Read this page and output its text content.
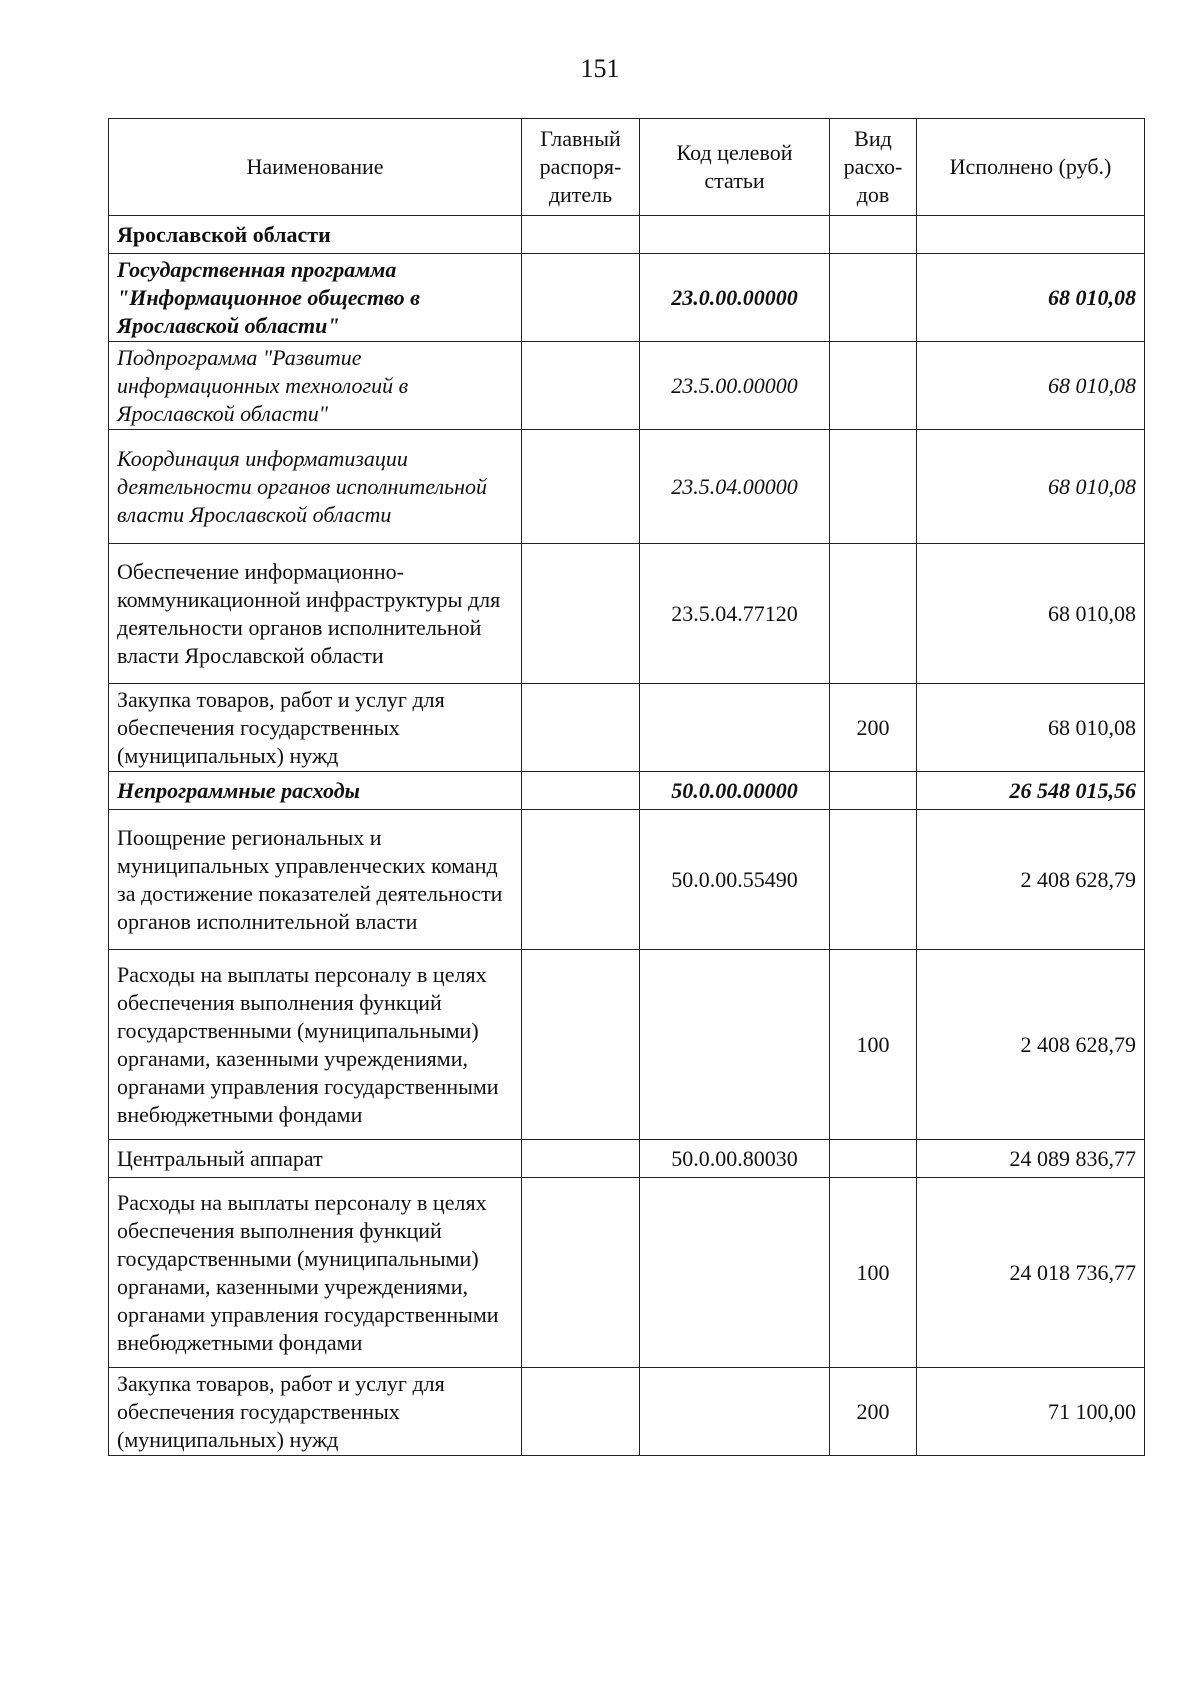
151
Наименование	Главный распоря-дитель	Код целевой статьи	Вид расхо-дов	Исполнено (руб.)
Ярославской области				
Государственная программа "Информационное общество в Ярославской области"		23.0.00.00000		68 010,08
Подпрограмма "Развитие информационных технологий в Ярославской области"		23.5.00.00000		68 010,08
Координация информатизации деятельности органов исполнительной власти Ярославской области		23.5.04.00000		68 010,08
Обеспечение информационно-коммуникационной инфраструктуры для деятельности органов исполнительной власти Ярославской области		23.5.04.77120		68 010,08
Закупка товаров, работ и услуг для обеспечения государственных (муниципальных) нужд			200	68 010,08
Непрограммные расходы		50.0.00.00000		26 548 015,56
Поощрение региональных и муниципальных управленческих команд за достижение показателей деятельности органов исполнительной власти		50.0.00.55490		2 408 628,79
Расходы на выплаты персоналу в целях обеспечения выполнения функций государственными (муниципальными) органами, казенными учреждениями, органами управления государственными внебюджетными фондами			100	2 408 628,79
Центральный аппарат		50.0.00.80030		24 089 836,77
Расходы на выплаты персоналу в целях обеспечения выполнения функций государственными (муниципальными) органами, казенными учреждениями, органами управления государственными внебюджетными фондами			100	24 018 736,77
Закупка товаров, работ и услуг для обеспечения государственных (муниципальных) нужд			200	71 100,00
